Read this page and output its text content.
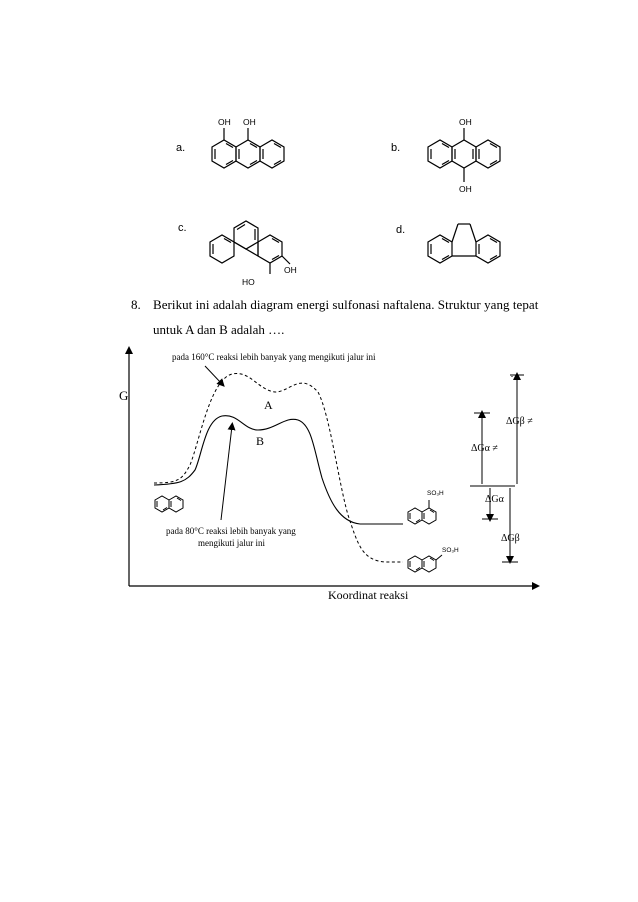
a.	b.
c.	d.
OH OH	OH
OH
HO
OH
8. Berikut ini adalah diagram energi sulfonasi naftalena. Struktur yang tepat
untuk A dan B adalah ….
G
Koordinat reaksi
pada 160°C reaksi lebih banyak yang mengikuti jalur ini
pada 80°C reaksi lebih banyak yang
mengikuti jalur ini
A
B
SO₃H
SO₃H
ΔGβ ≠
ΔGα ≠
ΔGα
ΔGβ
